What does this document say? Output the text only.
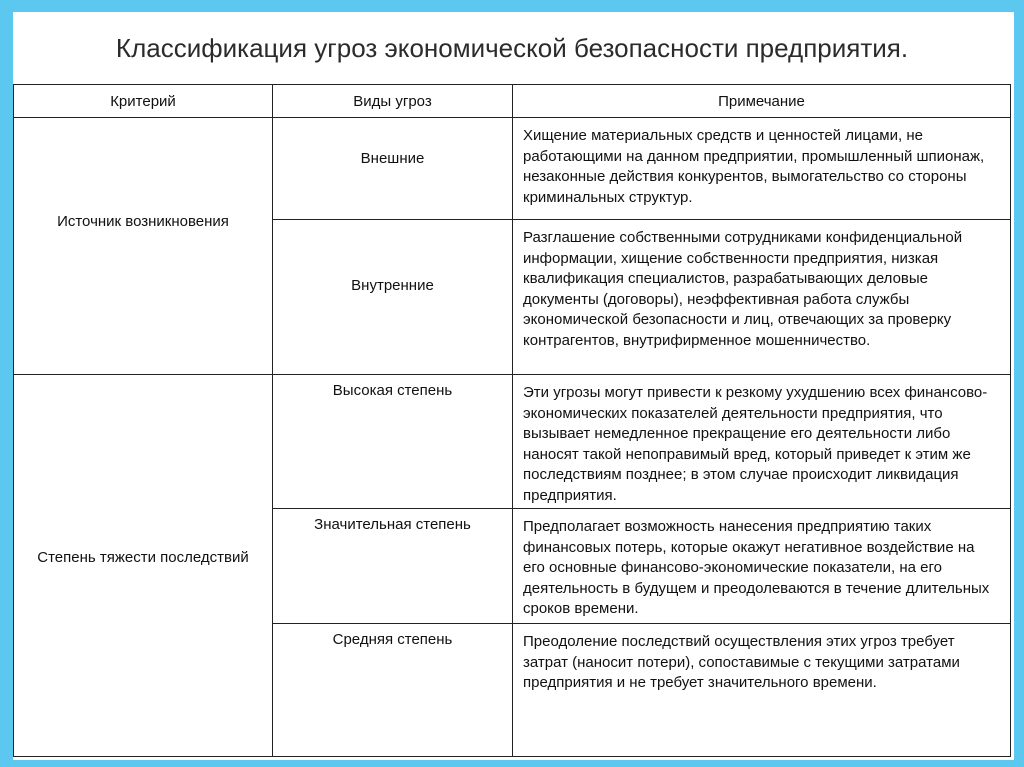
Классификация угроз экономической безопасности предприятия.
Критерий	Виды угроз	Примечание
Источник возникновения	Внешние	Хищение материальных средств и ценностей лицами, не работающими на данном предприятии, промышленный шпионаж, незаконные действия конкурентов, вымогательство со стороны криминальных структур.
	Внутренние	Разглашение собственными сотрудниками конфиденциальной информации, хищение собственности предприятия, низкая квалификация специалистов, разрабатывающих деловые документы (договоры), неэффективная работа службы экономической безопасности и лиц, отвечающих за проверку контрагентов, внутрифирменное мошенничество.
Степень тяжести последствий	Высокая степень	Эти угрозы могут привести к резкому ухудшению всех финансово-экономических показателей деятельности предприятия, что вызывает немедленное прекращение его деятельности либо наносят такой непоправимый вред, который приведет к этим же последствиям позднее; в этом случае происходит ликвидация предприятия.
	Значительная степень	Предполагает возможность нанесения предприятию таких финансовых потерь, которые окажут негативное воздействие на его основные финансово-экономические показатели, на его деятельность в будущем и преодолеваются в течение длительных сроков времени.
	Средняя степень	Преодоление последствий осуществления этих угроз требует затрат (наносит потери), сопоставимые с текущими затратами предприятия и не требует значительного времени.
